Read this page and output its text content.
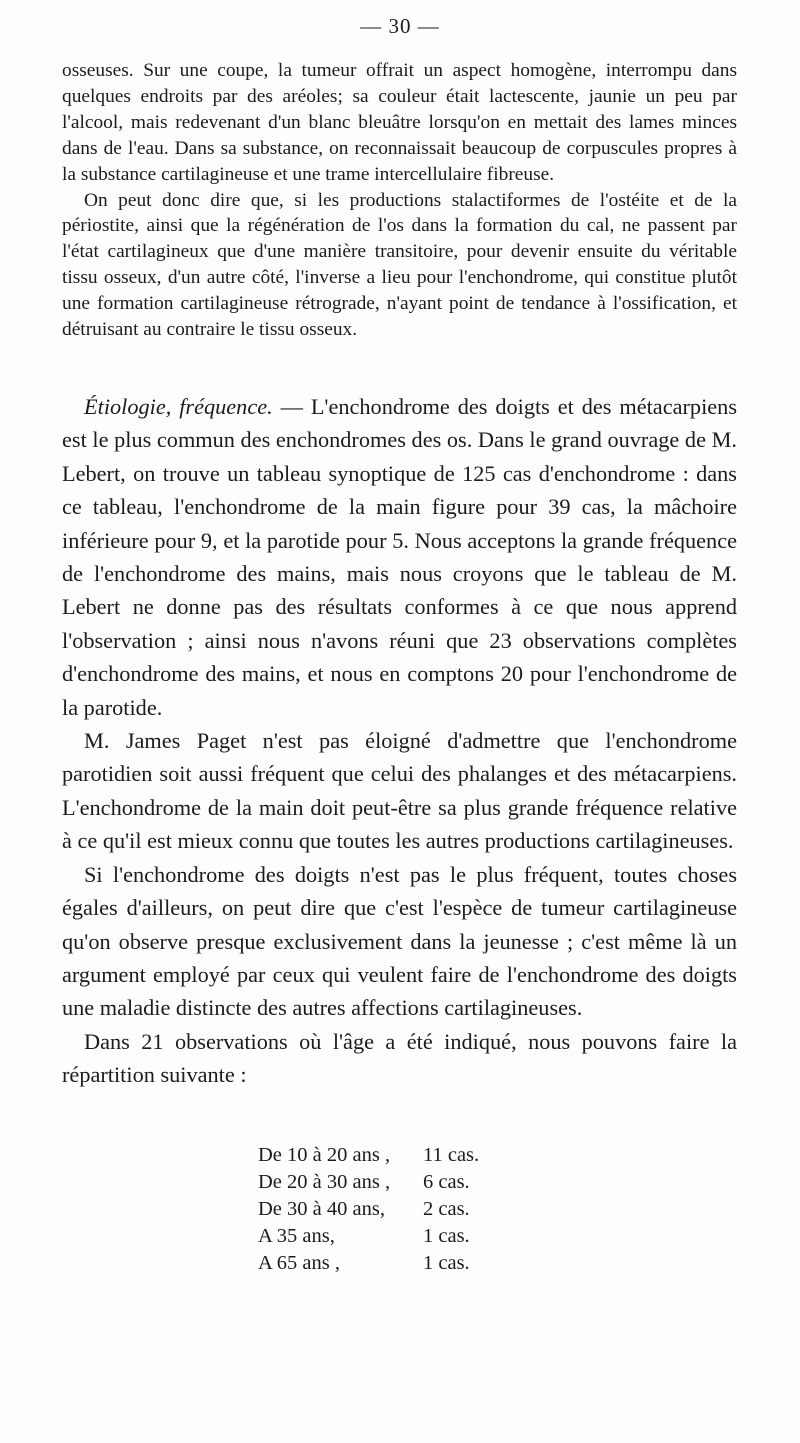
— 30 —

osseuses. Sur une coupe, la tumeur offrait un aspect homogène, interrompu dans quelques endroits par des aréoles; sa couleur était lactescente, jaunie un peu par l'alcool, mais redevenant d'un blanc bleuâtre lorsqu'on en mettait des lames minces dans de l'eau. Dans sa substance, on reconnaissait beaucoup de corpuscules propres à la substance cartilagineuse et une trame intercellulaire fibreuse.

On peut donc dire que, si les productions stalactiformes de l'ostéite et de la périostite, ainsi que la régénération de l'os dans la formation du cal, ne passent par l'état cartilagineux que d'une manière transitoire, pour devenir ensuite du véritable tissu osseux, d'un autre côté, l'inverse a lieu pour l'enchondrome, qui constitue plutôt une formation cartilagineuse rétrograde, n'ayant point de tendance à l'ossification, et détruisant au contraire le tissu osseux.

Étiologie, fréquence. — L'enchondrome des doigts et des métacarpiens est le plus commun des enchondromes des os. Dans le grand ouvrage de M. Lebert, on trouve un tableau synoptique de 125 cas d'enchondrome : dans ce tableau, l'enchondrome de la main figure pour 39 cas, la mâchoire inférieure pour 9, et la parotide pour 5. Nous acceptons la grande fréquence de l'enchondrome des mains, mais nous croyons que le tableau de M. Lebert ne donne pas des résultats conformes à ce que nous apprend l'observation ; ainsi nous n'avons réuni que 23 observations complètes d'enchondrome des mains, et nous en comptons 20 pour l'enchondrome de la parotide.

M. James Paget n'est pas éloigné d'admettre que l'enchondrome parotidien soit aussi fréquent que celui des phalanges et des métacarpiens. L'enchondrome de la main doit peut-être sa plus grande fréquence relative à ce qu'il est mieux connu que toutes les autres productions cartilagineuses.

Si l'enchondrome des doigts n'est pas le plus fréquent, toutes choses égales d'ailleurs, on peut dire que c'est l'espèce de tumeur cartilagineuse qu'on observe presque exclusivement dans la jeunesse ; c'est même là un argument employé par ceux qui veulent faire de l'enchondrome des doigts une maladie distincte des autres affections cartilagineuses.

Dans 21 observations où l'âge a été indiqué, nous pouvons faire la répartition suivante :

De 10 à 20 ans ,	11 cas.
De 20 à 30 ans ,	6 cas.
De 30 à 40 ans,	2 cas.
A 35 ans,	1 cas.
A 65 ans ,	1 cas.
